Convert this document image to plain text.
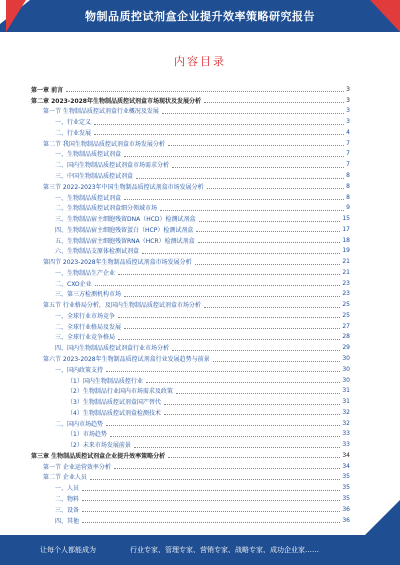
物制品质控试剂盒企业提升效率策略研究报告
内容目录
第一章 前言	3
第二章 2023-2028年生物制品质控试剂盒市场现状及发展分析	3
第一节 生物制品质控试剂盒行业概况及发展	3
一、行业定义	3
二、行业发展	4
第二节 我国生物制品质控试剂盒市场发展分析	7
一、生物制品质控试剂盒	7
二、国内生物制品质控试剂盒市场需求分析	7
三、中国生物制品质控试剂盒	8
第三节 2022-2023年中国生物制品质控试剂盒市场发展分析	8
一、生物制品质控试剂盒	8
二、生物制品质控试剂盒细分领域市场	9
三、生物制品宿主细胞残留DNA（HCD）检测试剂盒	15
四、生物制品宿主细胞残留蛋白（HCP）检测试剂盒	17
五、生物制品宿主细胞残留RNA（HCR）检测试剂盒	18
六、生物制品支原体检测试剂盒	19
第四节 2023-2028年生物制品质控试剂盒市场发展分析	21
一、生物制品生产企业	21
二、CXO企业	23
三、第三方检测机构市场	23
第五节 行业格局分析，及国内生物制品质控试剂盒市场分析	25
一、全球行业市场竞争	25
二、全球行业格局及发展	27
三、全球行业竞争格局	28
四、国内生物制品质控试剂盒行业市场分析	29
第六节 2023-2028年生物制品质控试剂盒行业发展趋势与前景	30
一、国内政策支持	30
（1）国内生物制品质控行业	30
（2）生物制品行业国内市场需求及政策	31
（3）生物制品质控试剂盒国产替代	31
（4）生物制品质控试剂盒检测技术	32
二、国内市场趋势	32
（1）市场趋势	33
（2）未来市场发展前景	33
第三章 生物制品质控试剂盒企业提升效率策略分析	34
第一节 企业运营效率分析	34
第二节 企业人员	35
一、人员	35
二、物料	35
三、设备	36
四、其他	36
让每个人都能成为	行业专家、管理专家、营销专家、战略专家、成功企业家……
